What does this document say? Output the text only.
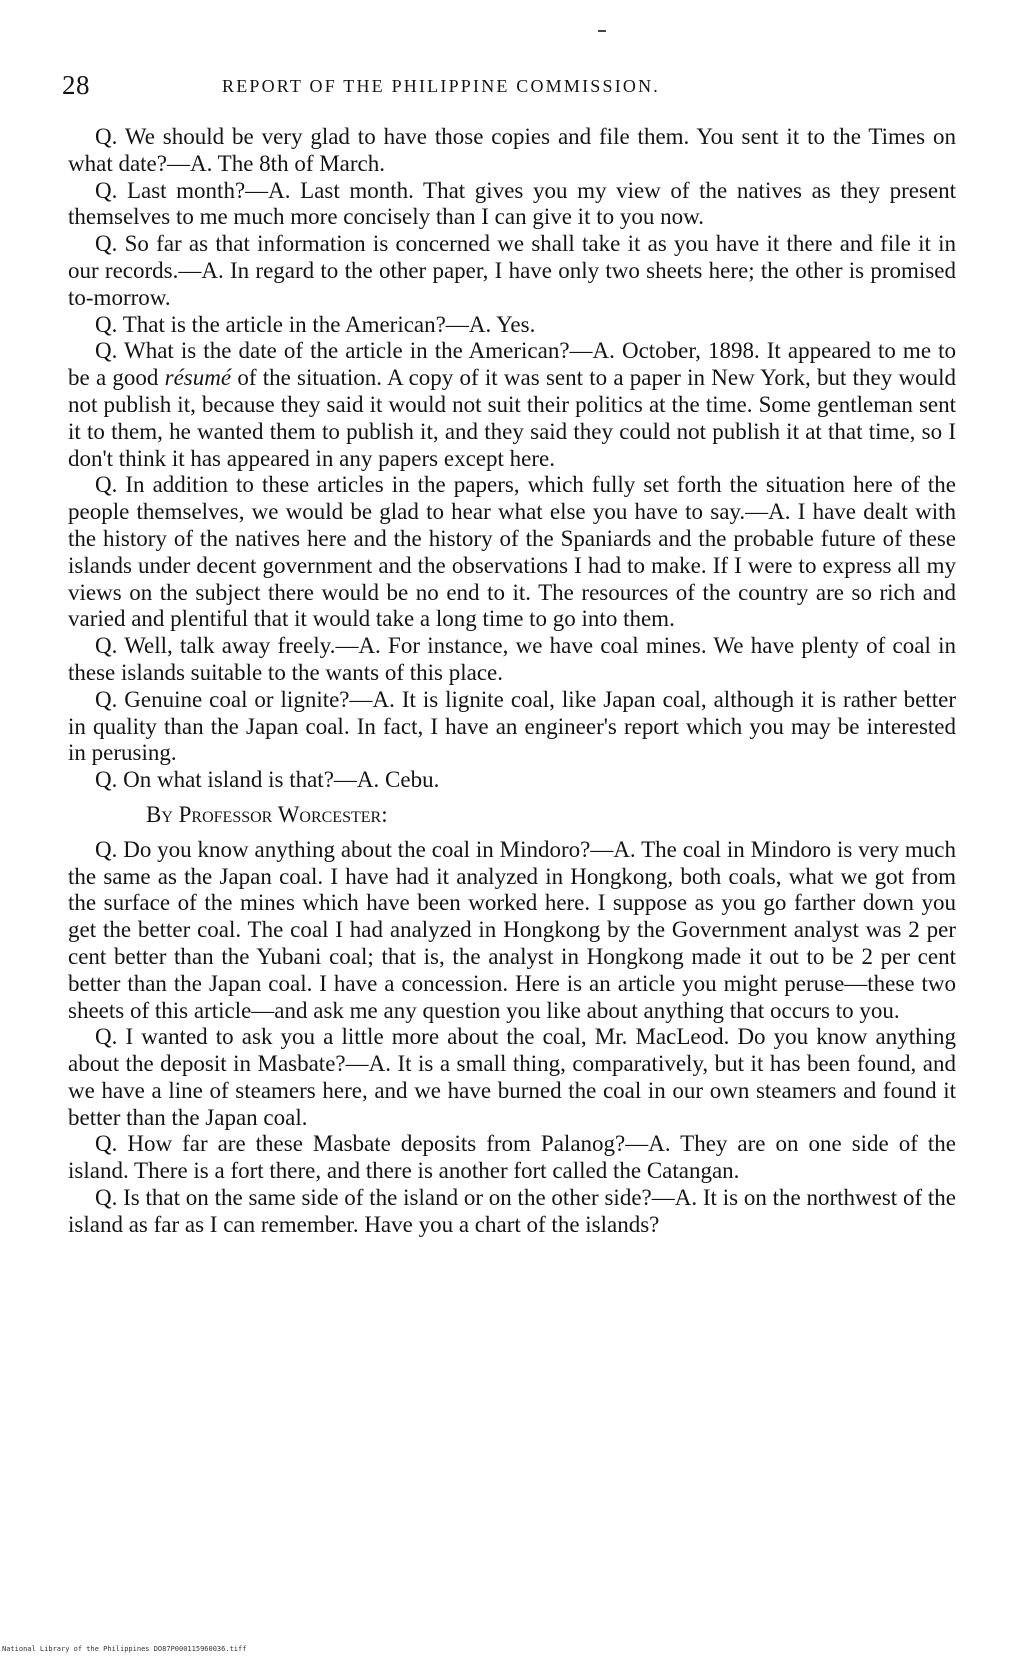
28	REPORT OF THE PHILIPPINE COMMISSION.

Q. We should be very glad to have those copies and file them. You sent it to the Times on what date?—A. The 8th of March.

Q. Last month?—A. Last month. That gives you my view of the natives as they present themselves to me much more concisely than I can give it to you now.

Q. So far as that information is concerned we shall take it as you have it there and file it in our records.—A. In regard to the other paper, I have only two sheets here; the other is promised to-morrow.

Q. That is the article in the American?—A. Yes.

Q. What is the date of the article in the American?—A. October, 1898. It appeared to me to be a good résumé of the situation. A copy of it was sent to a paper in New York, but they would not publish it, because they said it would not suit their politics at the time. Some gentleman sent it to them, he wanted them to publish it, and they said they could not publish it at that time, so I don't think it has appeared in any papers except here.

Q. In addition to these articles in the papers, which fully set forth the situation here of the people themselves, we would be glad to hear what else you have to say.—A. I have dealt with the history of the natives here and the history of the Spaniards and the probable future of these islands under decent government and the observations I had to make. If I were to express all my views on the subject there would be no end to it. The resources of the country are so rich and varied and plentiful that it would take a long time to go into them.

Q. Well, talk away freely.—A. For instance, we have coal mines. We have plenty of coal in these islands suitable to the wants of this place.

Q. Genuine coal or lignite?—A. It is lignite coal, like Japan coal, although it is rather better in quality than the Japan coal. In fact, I have an engineer's report which you may be interested in perusing.

Q. On what island is that?—A. Cebu.

By Professor Worcester:

Q. Do you know anything about the coal in Mindoro?—A. The coal in Mindoro is very much the same as the Japan coal. I have had it analyzed in Hongkong, both coals, what we got from the surface of the mines which have been worked here. I suppose as you go farther down you get the better coal. The coal I had analyzed in Hongkong by the Government analyst was 2 per cent better than the Yubani coal; that is, the analyst in Hongkong made it out to be 2 per cent better than the Japan coal. I have a concession. Here is an article you might peruse—these two sheets of this article—and ask me any question you like about anything that occurs to you.

Q. I wanted to ask you a little more about the coal, Mr. MacLeod. Do you know anything about the deposit in Masbate?—A. It is a small thing, comparatively, but it has been found, and we have a line of steamers here, and we have burned the coal in our own steamers and found it better than the Japan coal.

Q. How far are these Masbate deposits from Palanog?—A. They are on one side of the island. There is a fort there, and there is another fort called the Catangan.

Q. Is that on the same side of the island or on the other side?—A. It is on the northwest of the island as far as I can remember. Have you a chart of the islands?

National Library of the Philippines DO87P000115960036.tiff
